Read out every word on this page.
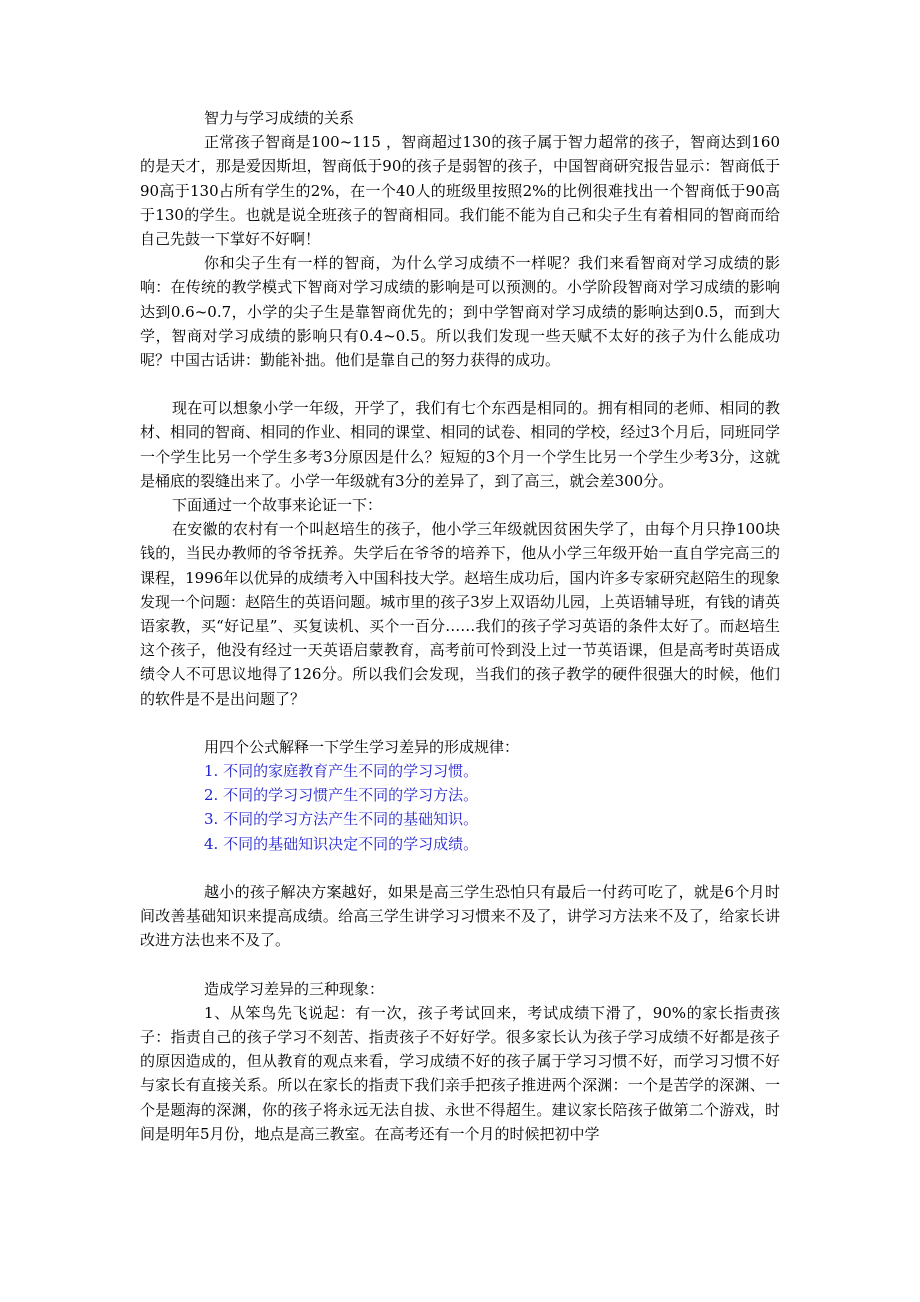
智力与学习成绩的关系

正常孩子智商是100~115 ，智商超过130的孩子属于智力超常的孩子，智商达到160的是天才，那是爱因斯坦，智商低于90的孩子是弱智的孩子，中国智商研究报告显示：智商低于90高于130占所有学生的2%，在一个40人的班级里按照2%的比例很难找出一个智商低于90高于130的学生。也就是说全班孩子的智商相同。我们能不能为自己和尖子生有着相同的智商而给自己先鼓一下掌好不好啊！

你和尖子生有一样的智商，为什么学习成绩不一样呢？我们来看智商对学习成绩的影响：在传统的教学模式下智商对学习成绩的影响是可以预测的。小学阶段智商对学习成绩的影响达到0.6~0.7，小学的尖子生是靠智商优先的；到中学智商对学习成绩的影响达到0.5，而到大学，智商对学习成绩的影响只有0.4~0.5。所以我们发现一些天赋不太好的孩子为什么能成功呢？中国古话讲：勤能补拙。他们是靠自己的努力获得的成功。

现在可以想象小学一年级，开学了，我们有七个东西是相同的。拥有相同的老师、相同的教材、相同的智商、相同的作业、相同的课堂、相同的试卷、相同的学校，经过3个月后，同班同学一个学生比另一个学生多考3分原因是什么？短短的3个月一个学生比另一个学生少考3分，这就是桶底的裂缝出来了。小学一年级就有3分的差异了，到了高三，就会差300分。

下面通过一个故事来论证一下：

在安徽的农村有一个叫赵培生的孩子，他小学三年级就因贫困失学了，由每个月只挣100块钱的，当民办教师的爷爷抚养。失学后在爷爷的培养下，他从小学三年级开始一直自学完高三的课程，1996年以优异的成绩考入中国科技大学。赵培生成功后，国内许多专家研究赵陪生的现象发现一个问题：赵陪生的英语问题。城市里的孩子3岁上双语幼儿园，上英语辅导班，有钱的请英语家教，买“好记星”、买复读机、买个一百分……我们的孩子学习英语的条件太好了。而赵培生这个孩子，他没有经过一天英语启蒙教育，高考前可怜到没上过一节英语课，但是高考时英语成绩令人不可思议地得了126分。所以我们会发现，当我们的孩子教学的硬件很强大的时候，他们的软件是不是出问题了？

用四个公式解释一下学生学习差异的形成规律：

1. 不同的家庭教育产生不同的学习习惯。
2. 不同的学习习惯产生不同的学习方法。
3. 不同的学习方法产生不同的基础知识。
4. 不同的基础知识决定不同的学习成绩。

越小的孩子解决方案越好，如果是高三学生恐怕只有最后一付药可吃了，就是6个月时间改善基础知识来提高成绩。给高三学生讲学习习惯来不及了，讲学习方法来不及了，给家长讲改进方法也来不及了。

造成学习差异的三种现象：

1、从笨鸟先飞说起：有一次，孩子考试回来，考试成绩下滑了，90%的家长指责孩子：指责自己的孩子学习不刻苦、指责孩子不好好学。很多家长认为孩子学习成绩不好都是孩子的原因造成的，但从教育的观点来看，学习成绩不好的孩子属于学习习惯不好，而学习习惯不好与家长有直接关系。所以在家长的指责下我们亲手把孩子推进两个深渊：一个是苦学的深渊、一个是题海的深渊，你的孩子将永远无法自拔、永世不得超生。建议家长陪孩子做第二个游戏，时间是明年5月份，地点是高三教室。在高考还有一个月的时候把初中学
